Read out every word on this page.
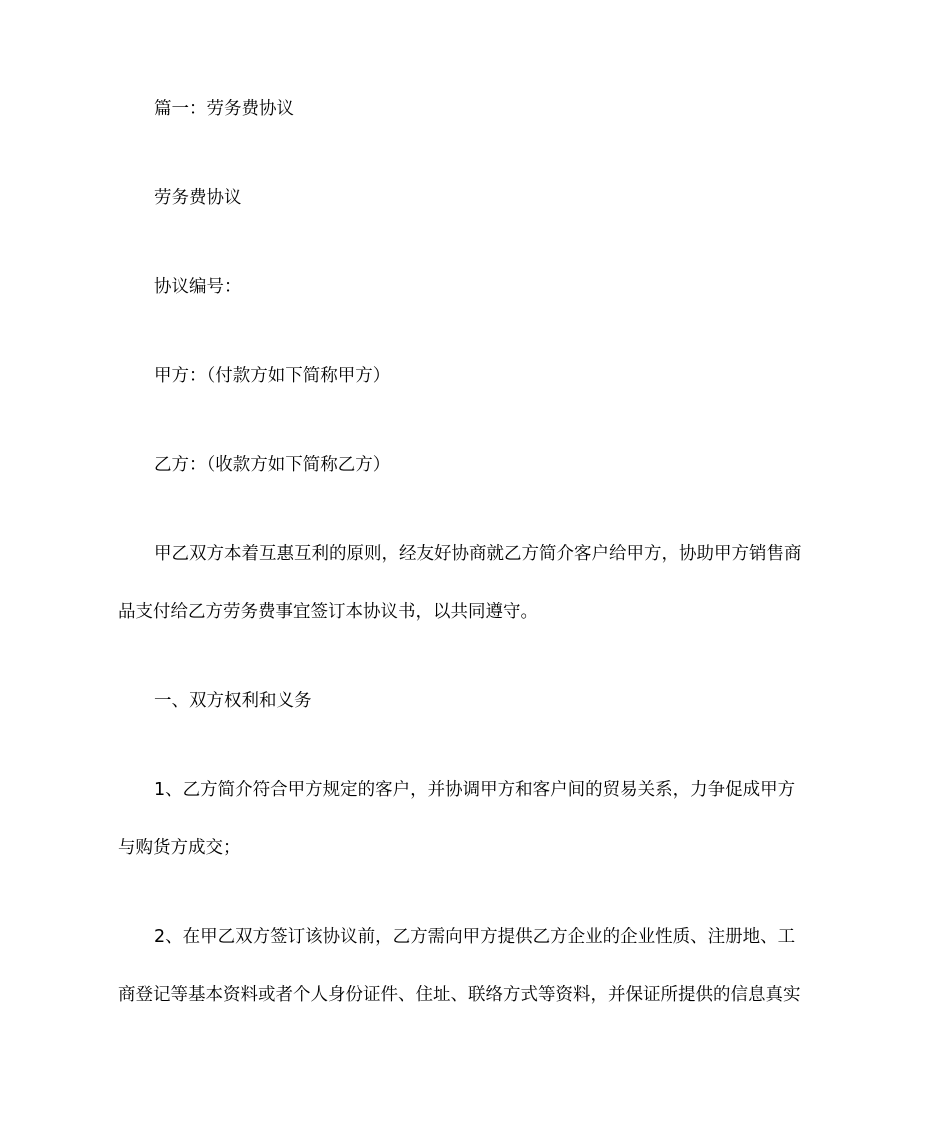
篇一：劳务费协议
劳务费协议
协议编号：
甲方：（付款方如下简称甲方）
乙方：（收款方如下简称乙方）
甲乙双方本着互惠互利的原则，经友好协商就乙方简介客户给甲方，协助甲方销售商
品支付给乙方劳务费事宜签订本协议书，以共同遵守。
一、双方权利和义务
1、乙方简介符合甲方规定的客户，并协调甲方和客户间的贸易关系，力争促成甲方
与购货方成交；
2、在甲乙双方签订该协议前，乙方需向甲方提供乙方企业的企业性质、注册地、工
商登记等基本资料或者个人身份证件、住址、联络方式等资料，并保证所提供的信息真实
